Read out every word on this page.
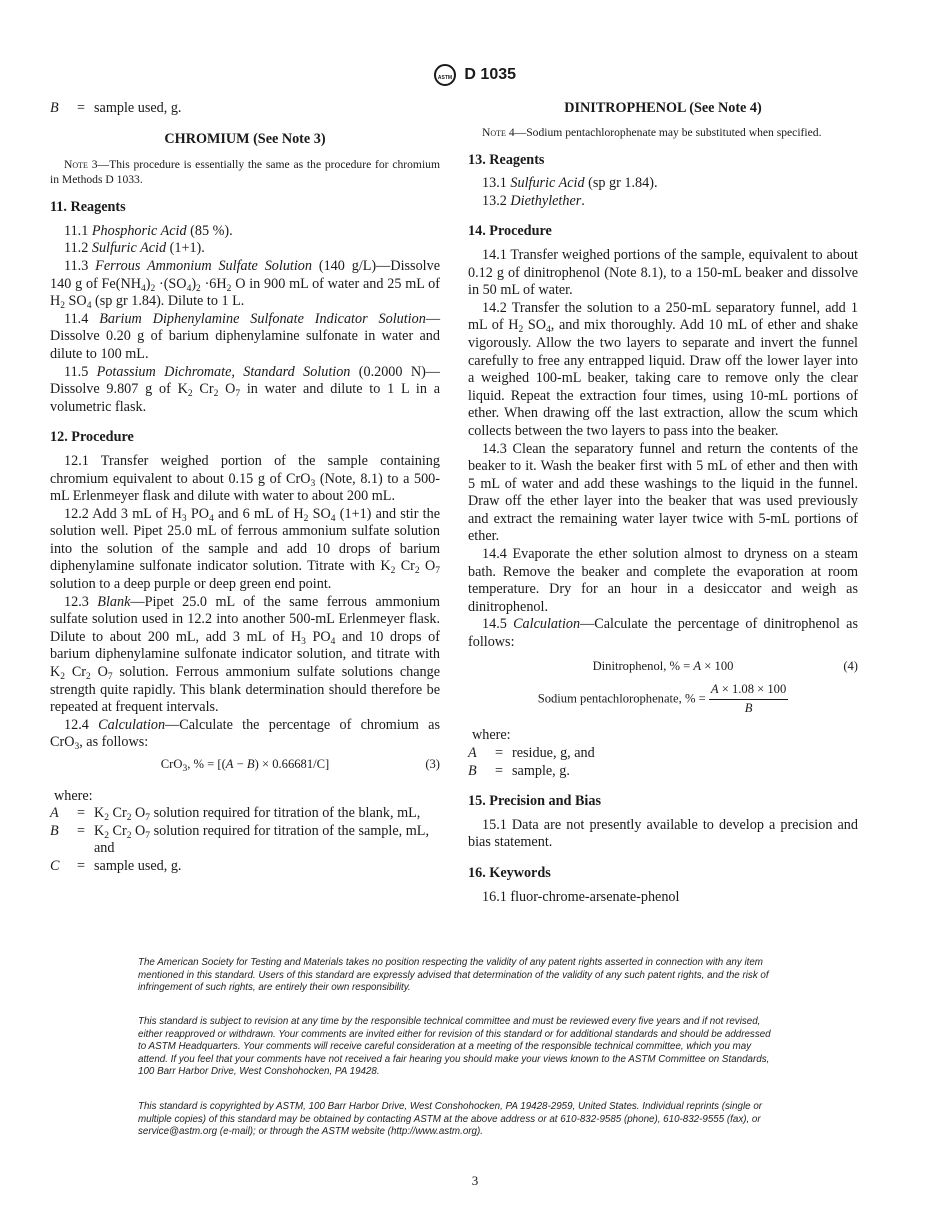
ASTM D 1035
B	= sample used, g.

CHROMIUM (See Note 3)

Note 3—This procedure is essentially the same as the procedure for chromium in Methods D 1033.

11. Reagents

11.1 Phosphoric Acid (85 %).

11.2 Sulfuric Acid (1+1).

11.3 Ferrous Ammonium Sulfate Solution (140 g/L)—Dissolve 140 g of $Fe(NH_4)_2 \cdot(SO_4)_2 \cdot 6H_2$ O in 900 mL of water and 25 mL of $H_2$ $SO_4$ (sp gr 1.84). Dilute to 1 L.

11.4 Barium Diphenylamine Sulfonate Indicator Solution—Dissolve 0.20 g of barium diphenylamine sulfonate in water and dilute to 100 mL.

11.5 Potassium Dichromate, Standard Solution (0.2000 N)—Dissolve 9.807 g of $K_2$ $Cr_2$ $O_7$ in water and dilute to 1 L in a volumetric flask.

12. Procedure

12.1 Transfer weighed portion of the sample containing chromium equivalent to about 0.15 g of CrO$_3$ (Note, 8.1) to a 500-mL Erlenmeyer flask and dilute with water to about 200 mL.

12.2 Add 3 mL of $H_3$ $PO_4$ and 6 mL of $H_2$ $SO_4$ (1+1) and stir the solution well. Pipet 25.0 mL of ferrous ammonium sulfate solution into the solution of the sample and add 10 drops of barium diphenylamine sulfonate indicator solution. Titrate with $K_2$ $Cr_2$ $O_7$ solution to a deep purple or deep green end point.

12.3 Blank—Pipet 25.0 mL of the same ferrous ammonium sulfate solution used in 12.2 into another 500-mL Erlenmeyer flask. Dilute to about 200 mL, add 3 mL of $H_3$ $PO_4$ and 10 drops of barium diphenylamine sulfonate indicator solution, and titrate with $K_2$ $Cr_2$ $O_7$ solution. Ferrous ammonium sulfate solutions change strength quite rapidly. This blank determination should therefore be repeated at frequent intervals.

12.4 Calculation—Calculate the percentage of chromium as CrO$_3$, as follows:

CrO$_3$, % = [(A − B) × 0.66681/C]	(3)

where:

A	= $K_2$ $Cr_2$ $O_7$ solution required for titration of the blank, mL,
B	= $K_2$ $Cr_2$ $O_7$ solution required for titration of the sample, mL, and
C	= sample used, g.

DINITROPHENOL (See Note 4)

Note 4—Sodium pentachlorophenate may be substituted when specified.

13. Reagents

13.1 Sulfuric Acid (sp gr 1.84).

13.2 Diethylether.

14. Procedure

14.1 Transfer weighed portions of the sample, equivalent to about 0.12 g of dinitrophenol (Note 8.1), to a 150-mL beaker and dissolve in 50 mL of water.

14.2 Transfer the solution to a 250-mL separatory funnel, add 1 mL of $H_2$ $SO_4$, and mix thoroughly. Add 10 mL of ether and shake vigorously. Allow the two layers to separate and invert the funnel carefully to free any entrapped liquid. Draw off the lower layer into a weighed 100-mL beaker, taking care to remove only the clear liquid. Repeat the extraction four times, using 10-mL portions of ether. When drawing off the last extraction, allow the scum which collects between the two layers to pass into the beaker.

14.3 Clean the separatory funnel and return the contents of the beaker to it. Wash the beaker first with 5 mL of ether and then with 5 mL of water and add these washings to the liquid in the funnel. Draw off the ether layer into the beaker that was used previously and extract the remaining water layer twice with 5-mL portions of ether.

14.4 Evaporate the ether solution almost to dryness on a steam bath. Remove the beaker and complete the evaporation at room temperature. Dry for an hour in a desiccator and weigh as dinitrophenol.

14.5 Calculation—Calculate the percentage of dinitrophenol as follows:

Dinitrophenol, % = A × 100	(4)

Sodium pentachlorophenate, % = $\frac{A \times 1.08 \times 100}{B}$

where:

A	= residue, g, and
B	= sample, g.

15. Precision and Bias

15.1 Data are not presently available to develop a precision and bias statement.

16. Keywords

16.1 fluor-chrome-arsenate-phenol

The American Society for Testing and Materials takes no position respecting the validity of any patent rights asserted in connection with any item mentioned in this standard. Users of this standard are expressly advised that determination of the validity of any such patent rights, and the risk of infringement of such rights, are entirely their own responsibility.

This standard is subject to revision at any time by the responsible technical committee and must be reviewed every five years and if not revised, either reapproved or withdrawn. Your comments are invited either for revision of this standard or for additional standards and should be addressed to ASTM Headquarters. Your comments will receive careful consideration at a meeting of the responsible technical committee, which you may attend. If you feel that your comments have not received a fair hearing you should make your views known to the ASTM Committee on Standards, 100 Barr Harbor Drive, West Conshohocken, PA 19428.

This standard is copyrighted by ASTM, 100 Barr Harbor Drive, West Conshohocken, PA 19428-2959, United States. Individual reprints (single or multiple copies) of this standard may be obtained by contacting ASTM at the above address or at 610-832-9585 (phone), 610-832-9555 (fax), or service@astm.org (e-mail); or through the ASTM website (http://www.astm.org).

3
